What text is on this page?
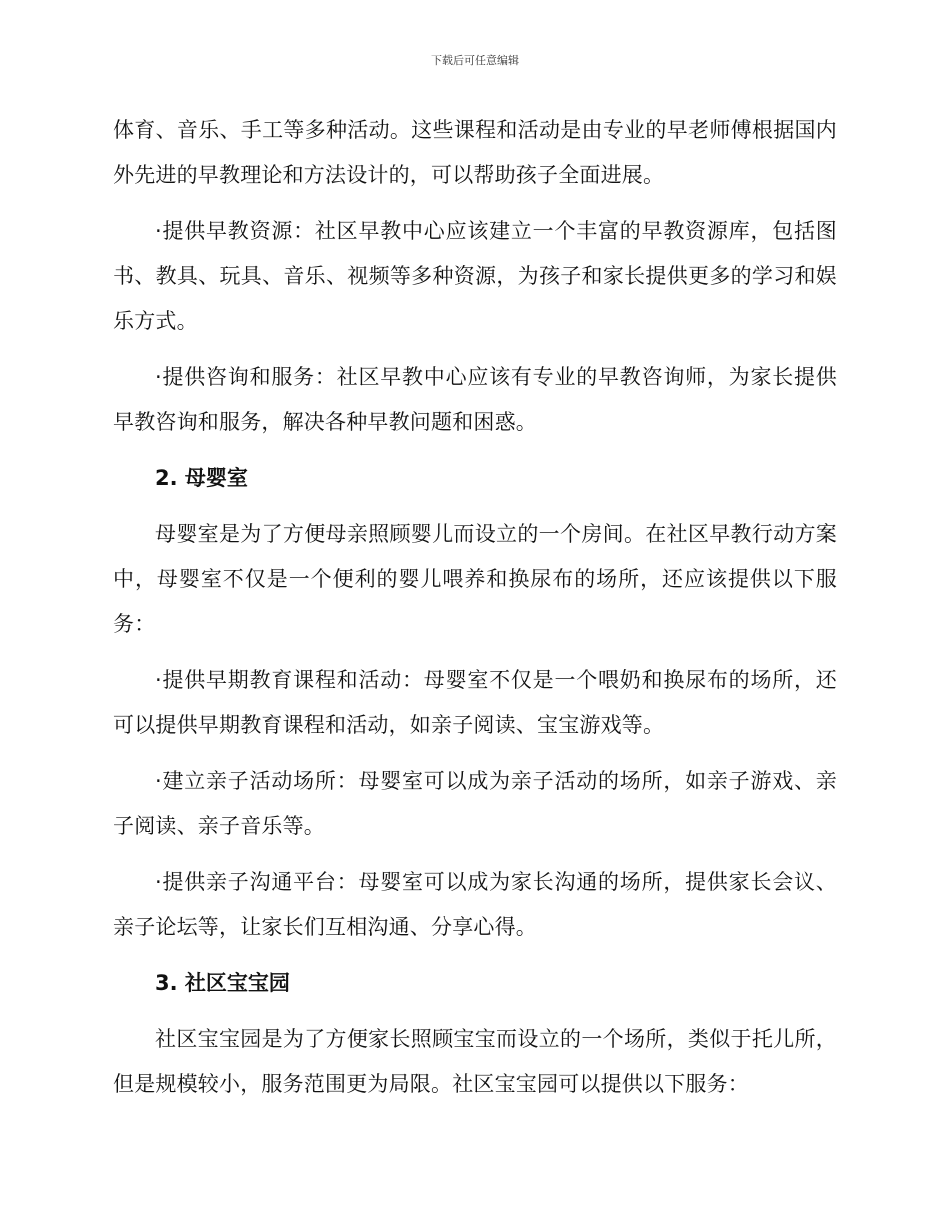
下载后可任意编辑

体育、音乐、手工等多种活动。这些课程和活动是由专业的早老师傅根据国内外先进的早教理论和方法设计的，可以帮助孩子全面进展。

·提供早教资源：社区早教中心应该建立一个丰富的早教资源库，包括图书、教具、玩具、音乐、视频等多种资源，为孩子和家长提供更多的学习和娱乐方式。

·提供咨询和服务：社区早教中心应该有专业的早教咨询师，为家长提供早教咨询和服务，解决各种早教问题和困惑。

2. 母婴室

母婴室是为了方便母亲照顾婴儿而设立的一个房间。在社区早教行动方案中，母婴室不仅是一个便利的婴儿喂养和换尿布的场所，还应该提供以下服务：

·提供早期教育课程和活动：母婴室不仅是一个喂奶和换尿布的场所，还可以提供早期教育课程和活动，如亲子阅读、宝宝游戏等。

·建立亲子活动场所：母婴室可以成为亲子活动的场所，如亲子游戏、亲子阅读、亲子音乐等。

·提供亲子沟通平台：母婴室可以成为家长沟通的场所，提供家长会议、亲子论坛等，让家长们互相沟通、分享心得。

3. 社区宝宝园

社区宝宝园是为了方便家长照顾宝宝而设立的一个场所，类似于托儿所，但是规模较小，服务范围更为局限。社区宝宝园可以提供以下服务：
